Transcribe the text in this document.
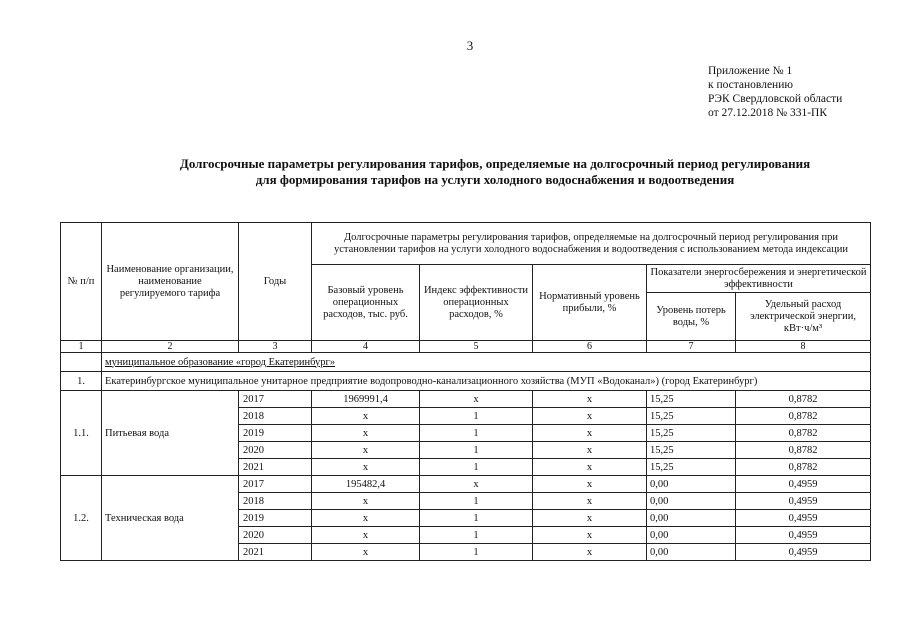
3
Приложение № 1
к постановлению
РЭК Свердловской области
от 27.12.2018 № 331-ПК
Долгосрочные параметры регулирования тарифов, определяемые на долгосрочный период регулирования
для формирования тарифов на услуги холодного водоснабжения и водоотведения
№ п/п	Наименование организации, наименование регулируемого тарифа	Годы	Долгосрочные параметры регулирования тарифов, определяемые на долгосрочный период регулирования при установлении тарифов на услуги холодного водоснабжения и водоотведения с использованием метода индексации				
			Базовый уровень операционных расходов, тыс. руб.	Индекс эффективности операционных расходов, %	Нормативный уровень прибыли, %	Показатели энергосбережения и энергетической эффективности	
						Уровень потерь воды, %	Удельный расход электрической энергии, кВт·ч/м³
1	2	3	4	5	6	7	8
	муниципальное образование «город Екатеринбург»						
1.	Екатеринбургское муниципальное унитарное предприятие водопроводно-канализационного хозяйства (МУП «Водоканал») (город Екатеринбург)						
1.1.	Питьевая вода	2017	1969991,4	х	х	15,25	0,8782
		2018	х	1	х	15,25	0,8782
		2019	х	1	х	15,25	0,8782
		2020	х	1	х	15,25	0,8782
		2021	х	1	х	15,25	0,8782
1.2.	Техническая вода	2017	195482,4	х	х	0,00	0,4959
		2018	х	1	х	0,00	0,4959
		2019	х	1	х	0,00	0,4959
		2020	х	1	х	0,00	0,4959
		2021	х	1	х	0,00	0,4959
